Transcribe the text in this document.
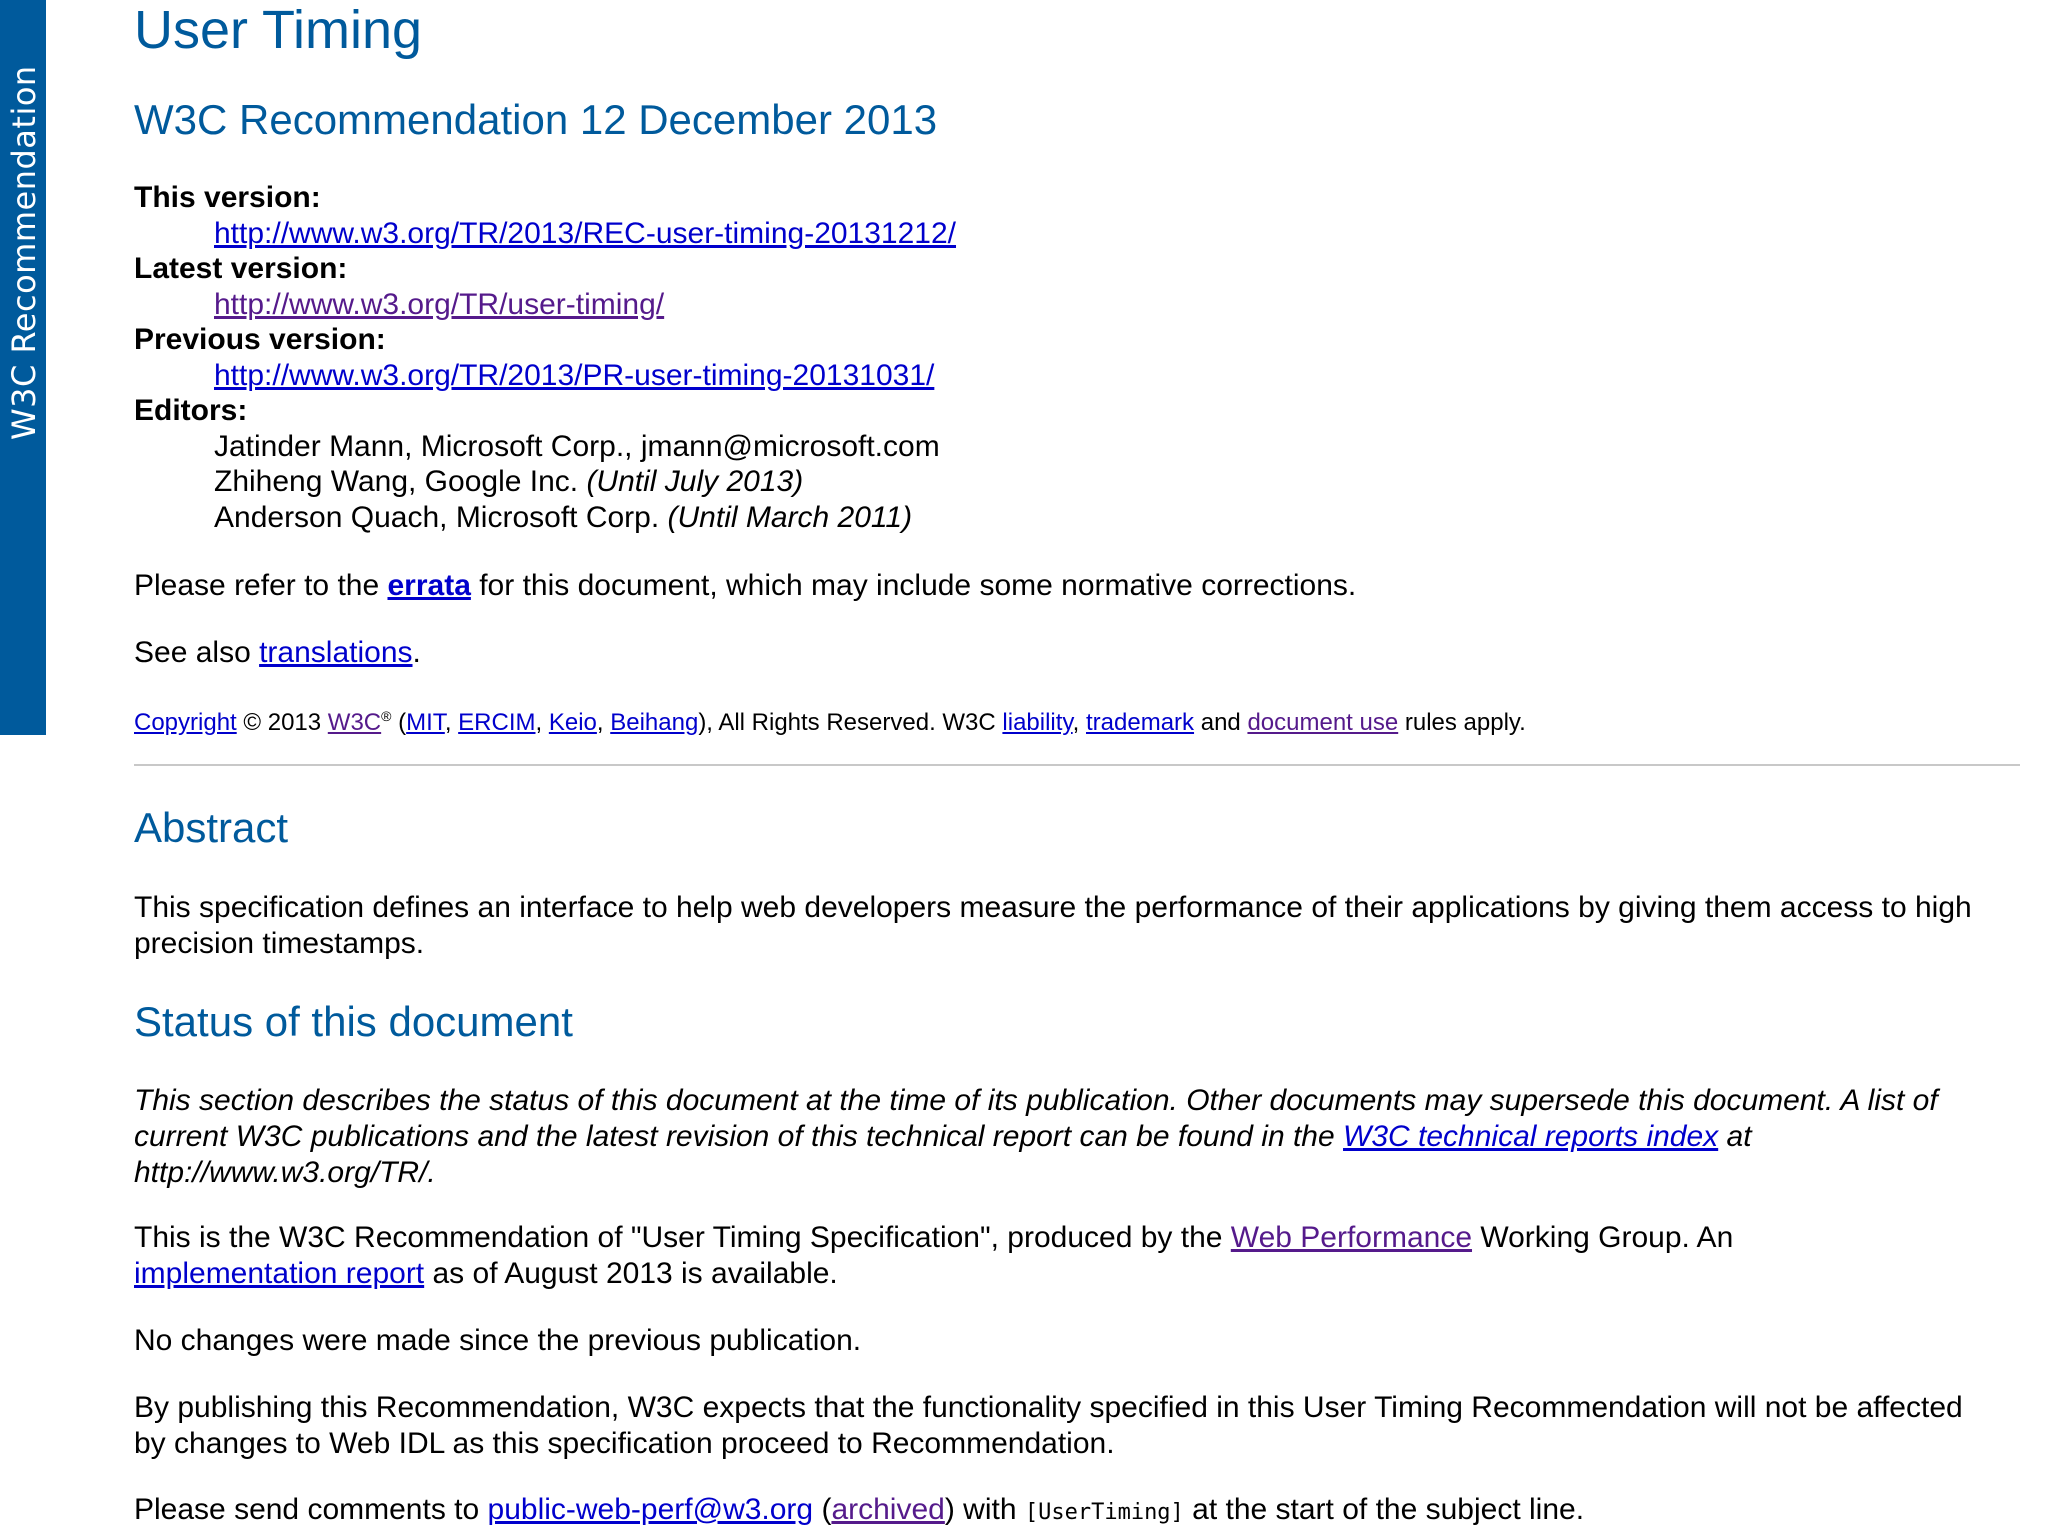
W3C Recommendation
User Timing
W3C Recommendation 12 December 2013
This version:
http://www.w3.org/TR/2013/REC-user-timing-20131212/
Latest version:
http://www.w3.org/TR/user-timing/
Previous version:
http://www.w3.org/TR/2013/PR-user-timing-20131031/
Editors:
Jatinder Mann, Microsoft Corp., jmann@microsoft.com
Zhiheng Wang, Google Inc. (Until July 2013)
Anderson Quach, Microsoft Corp. (Until March 2011)

Please refer to the errata for this document, which may include some normative corrections.

See also translations.

Copyright © 2013 W3C® (MIT, ERCIM, Keio, Beihang), All Rights Reserved. W3C liability, trademark and document use rules apply.
Abstract

This specification defines an interface to help web developers measure the performance of their applications by giving them access to high precision timestamps.

Status of this document

This section describes the status of this document at the time of its publication. Other documents may supersede this document. A list of current W3C publications and the latest revision of this technical report can be found in the W3C technical reports index at http://www.w3.org/TR/.

This is the W3C Recommendation of "User Timing Specification", produced by the Web Performance Working Group. An implementation report as of August 2013 is available.

No changes were made since the previous publication.

By publishing this Recommendation, W3C expects that the functionality specified in this User Timing Recommendation will not be affected by changes to Web IDL as this specification proceed to Recommendation.

Please send comments to public-web-perf@w3.org (archived) with [UserTiming] at the start of the subject line.
